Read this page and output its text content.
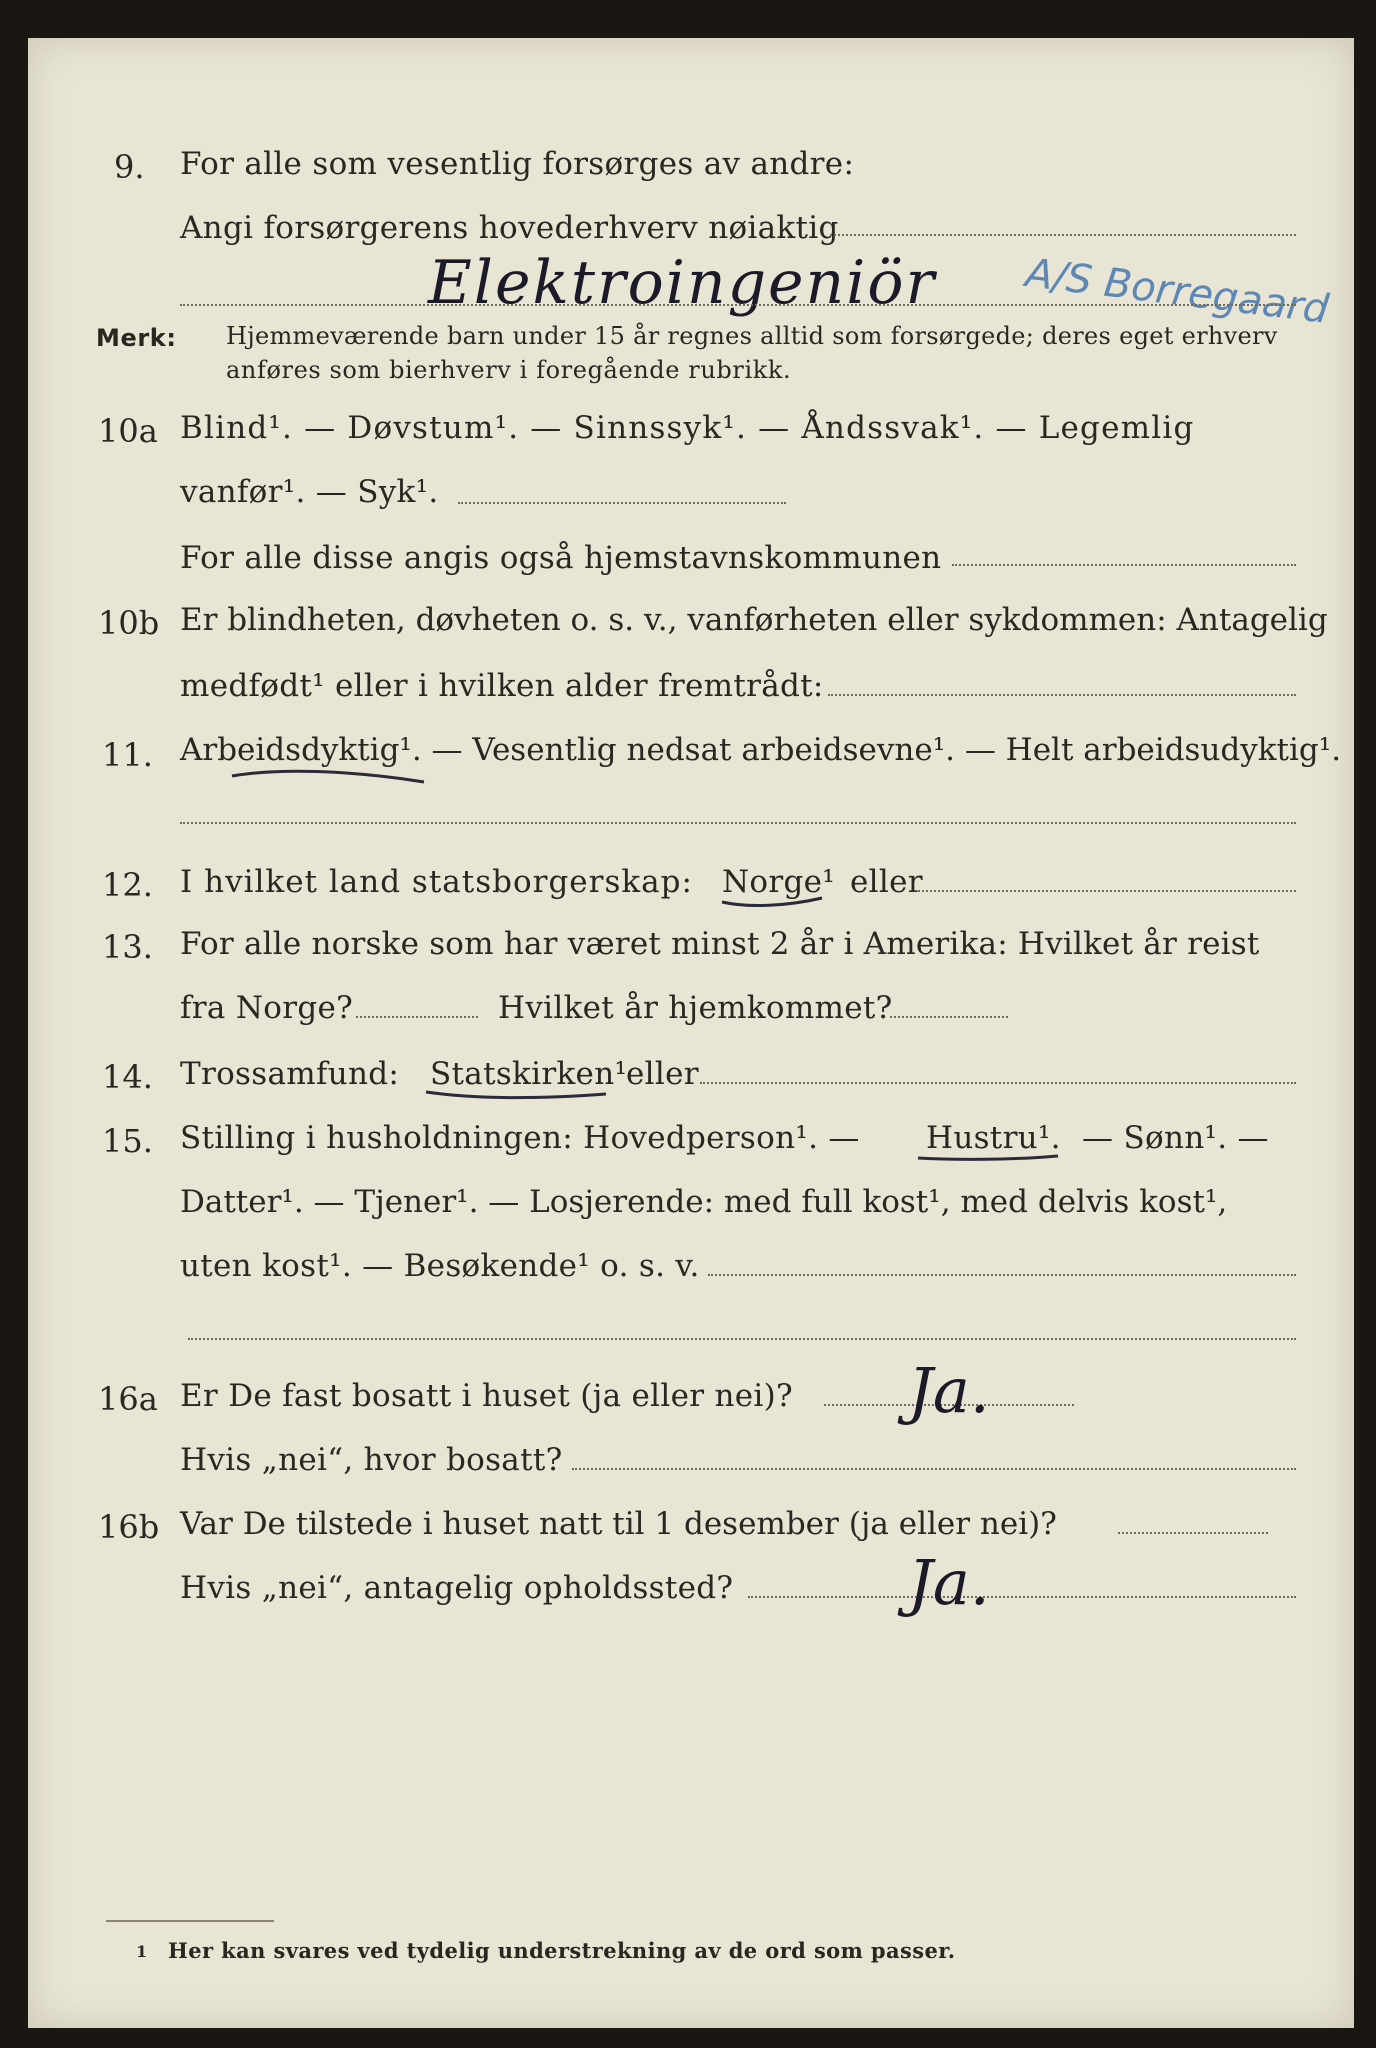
9. For alle som vesentlig forsørges av andre:
Angi forsørgerens hovederhverv nøiaktig
Elektroingeniör A/S Borregaard
Merk: Hjemmeværende barn under 15 år regnes alltid som forsørgede; deres eget erhverv
anføres som bierhverv i foregående rubrikk.
10a Blind¹. — Døvstum¹. — Sinnssyk¹. — Åndssvak¹. — Legemlig
vanfør¹. — Syk¹.
For alle disse angis også hjemstavnskommunen
10b Er blindheten, døvheten o. s. v., vanførheten eller sykdommen: Antagelig
medfødt¹ eller i hvilken alder fremtrådt:
11. Arbeidsdyktig¹. — Vesentlig nedsat arbeidsevne¹. — Helt arbeidsudyktig¹.
12. I hvilket land statsborgerskap: Norge¹ eller
13. For alle norske som har været minst 2 år i Amerika: Hvilket år reist
fra Norge?	Hvilket år hjemkommet?
14. Trossamfund: Statskirken¹
eller
15. Stilling i husholdningen: Hovedperson¹. — Hustru¹. — Sønn¹. —
Datter¹. — Tjener¹. — Losjerende: med full kost¹, med delvis kost¹,
uten kost¹. — Besøkende¹ o. s. v.
16a Er De fast bosatt i huset (ja eller nei)? Ja.
Hvis „nei“, hvor bosatt?
16b Var De tilstede i huset natt til 1 desember (ja eller nei)?
Hvis „nei“, antagelig opholdssted?	Ja.
1 Her kan svares ved tydelig understrekning av de ord som passer.
